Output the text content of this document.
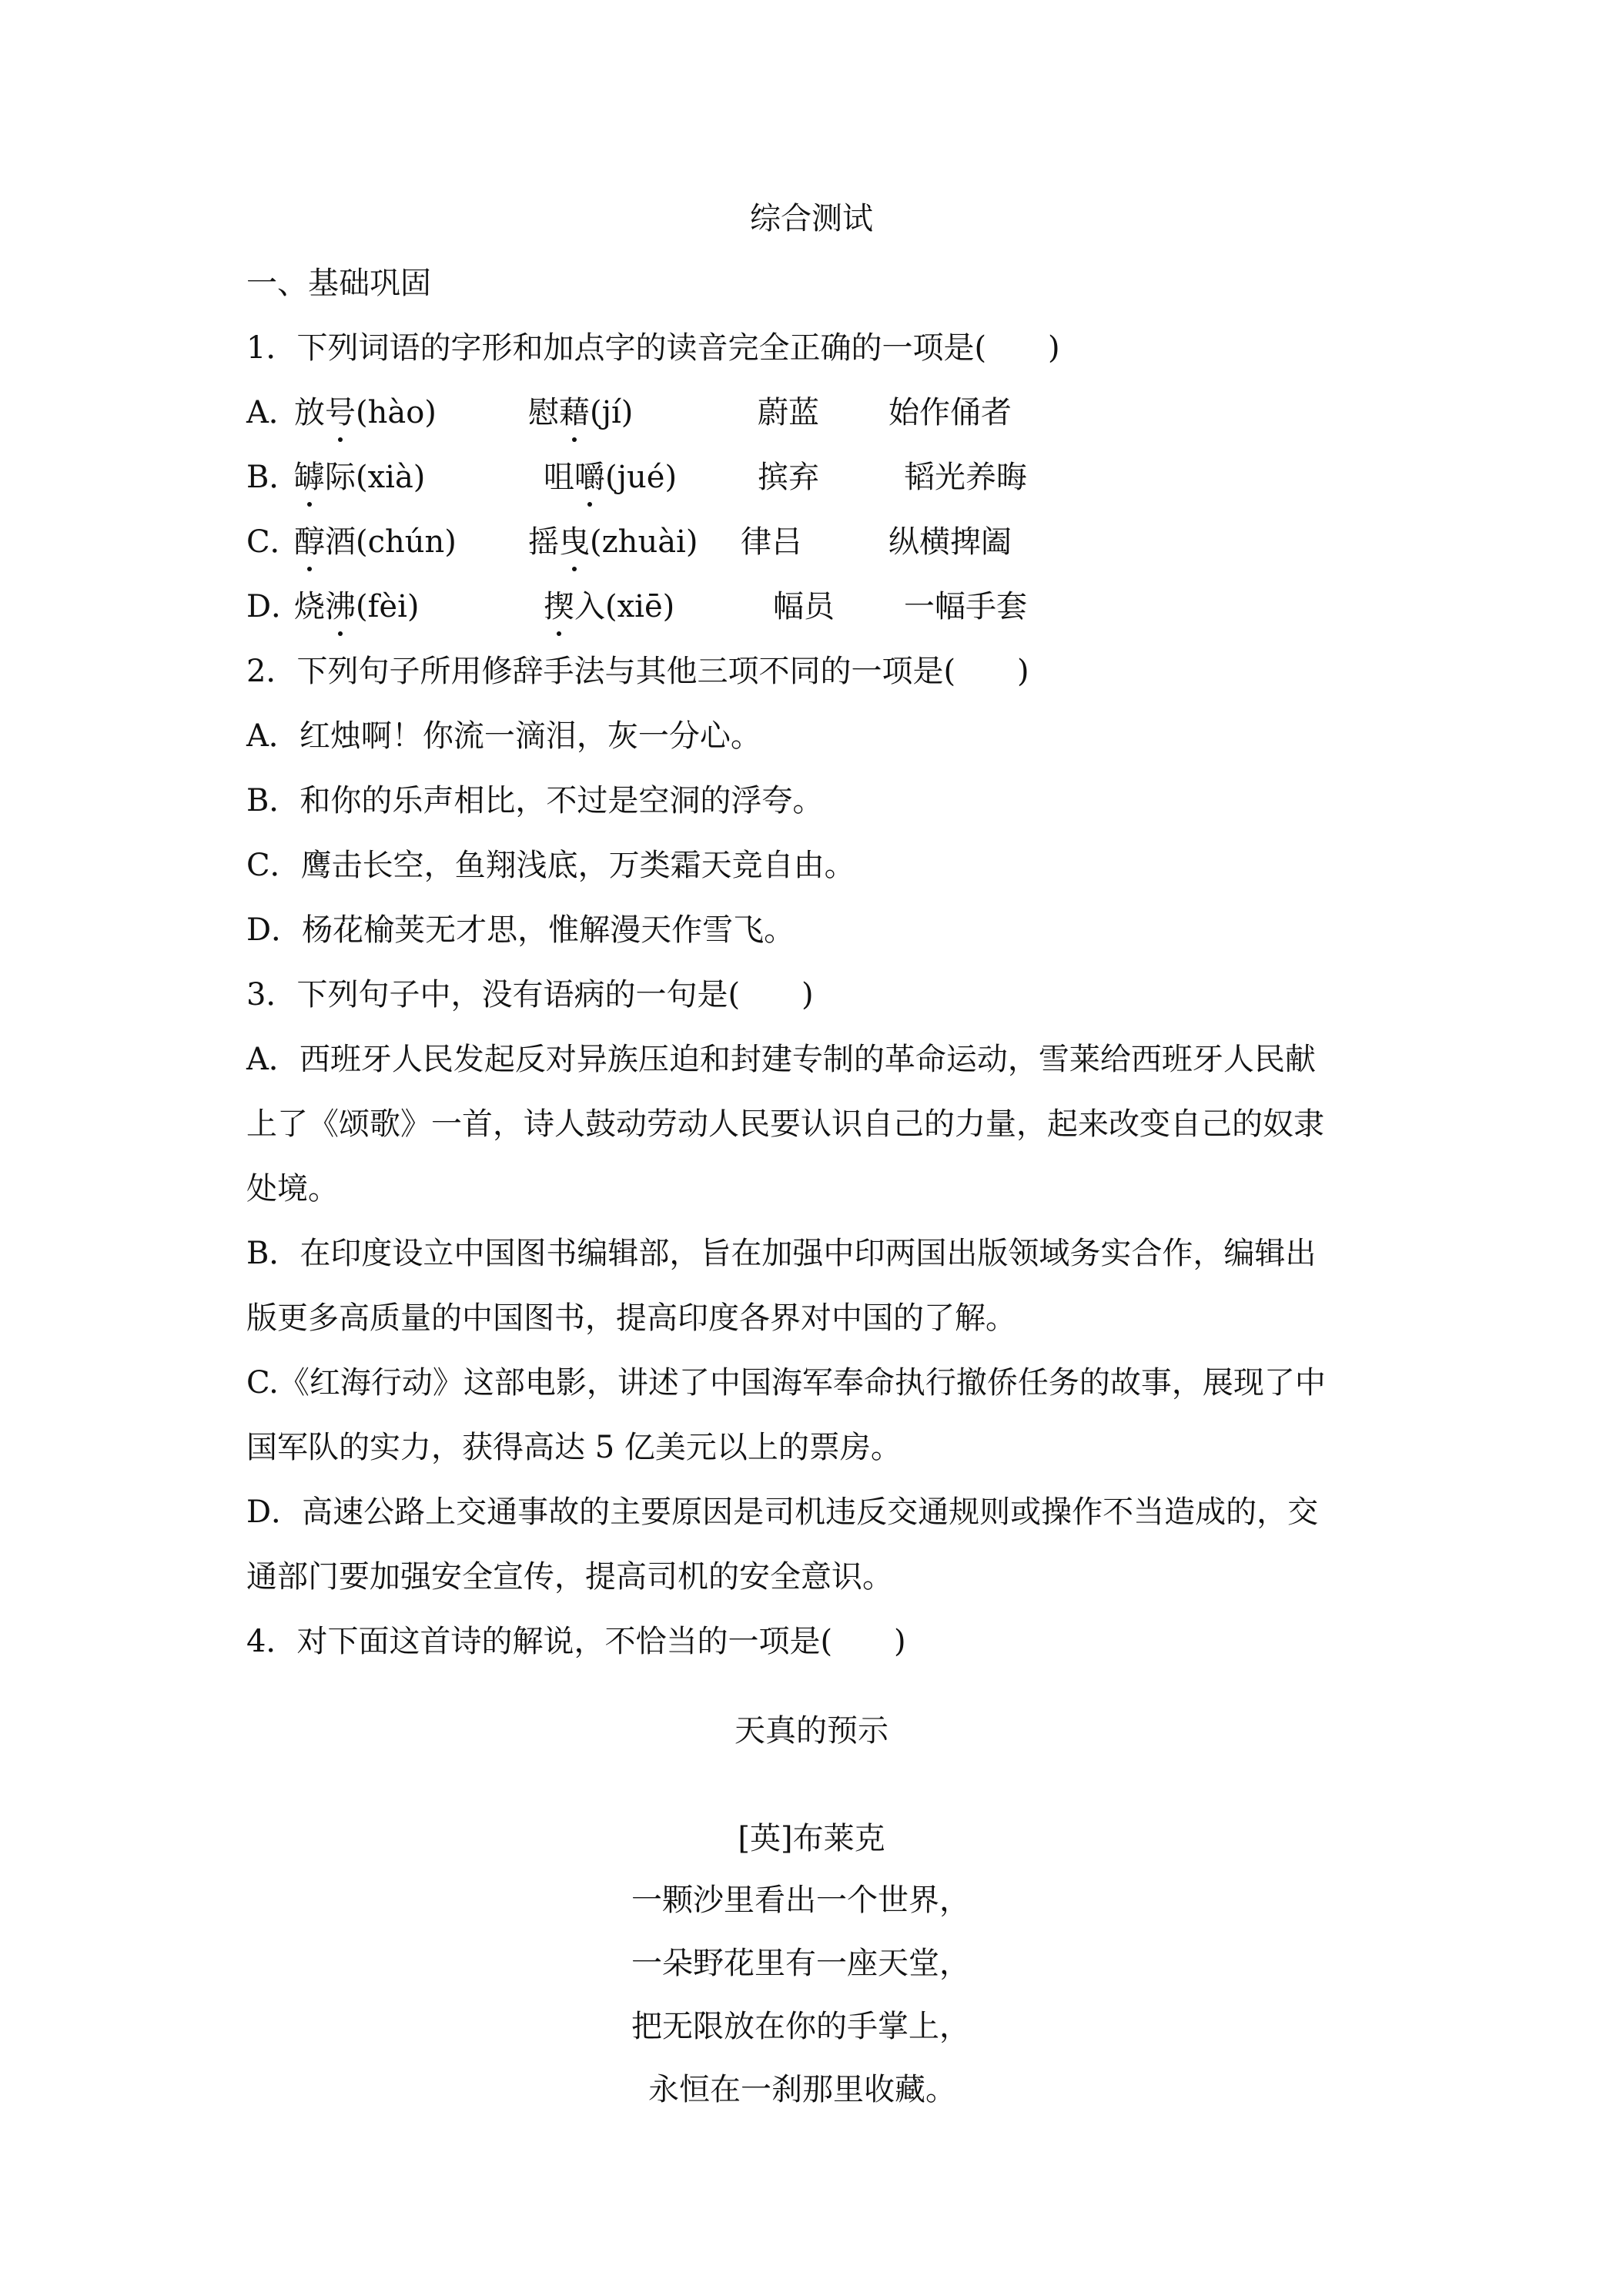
综合测试
一、基础巩固
1．下列词语的字形和加点字的读音完全正确的一项是(　　)
A．
放号(hào)	慰藉(jí)	蔚蓝 始作俑者
B．
罅际(xià)	咀嚼(jué)	摈弃	韬光养晦
C．
醇酒(chún) 摇曳(zhuài) 律吕	纵横捭阖
D．
烧沸(fèi)	揳入(xiē)	幅员 一幅手套
2．下列句子所用修辞手法与其他三项不同的一项是(　　)
A．红烛啊！你流一滴泪，灰一分心。
B．和你的乐声相比，不过是空洞的浮夸。
C．鹰击长空，鱼翔浅底，万类霜天竞自由。
D．杨花榆荚无才思，惟解漫天作雪飞。
3．下列句子中，没有语病的一句是(　　)
A．西班牙人民发起反对异族压迫和封建专制的革命运动，雪莱给西班牙人民献
上了《颂歌》一首，诗人鼓动劳动人民要认识自己的力量，起来改变自己的奴隶
处境。
B．在印度设立中国图书编辑部，旨在加强中印两国出版领域务实合作，编辑出
版更多高质量的中国图书，提高印度各界对中国的了解。
C.《红海行动》这部电影，讲述了中国海军奉命执行撤侨任务的故事，展现了中
国军队的实力，获得高达 5 亿美元以上的票房。
D．高速公路上交通事故的主要原因是司机违反交通规则或操作不当造成的，交
通部门要加强安全宣传，提高司机的安全意识。
4．对下面这首诗的解说，不恰当的一项是(　　)
天真的预示
[英]布莱克
一颗沙里看出一个世界，
一朵野花里有一座天堂，
把无限放在你的手掌上，
永恒在一刹那里收藏。
